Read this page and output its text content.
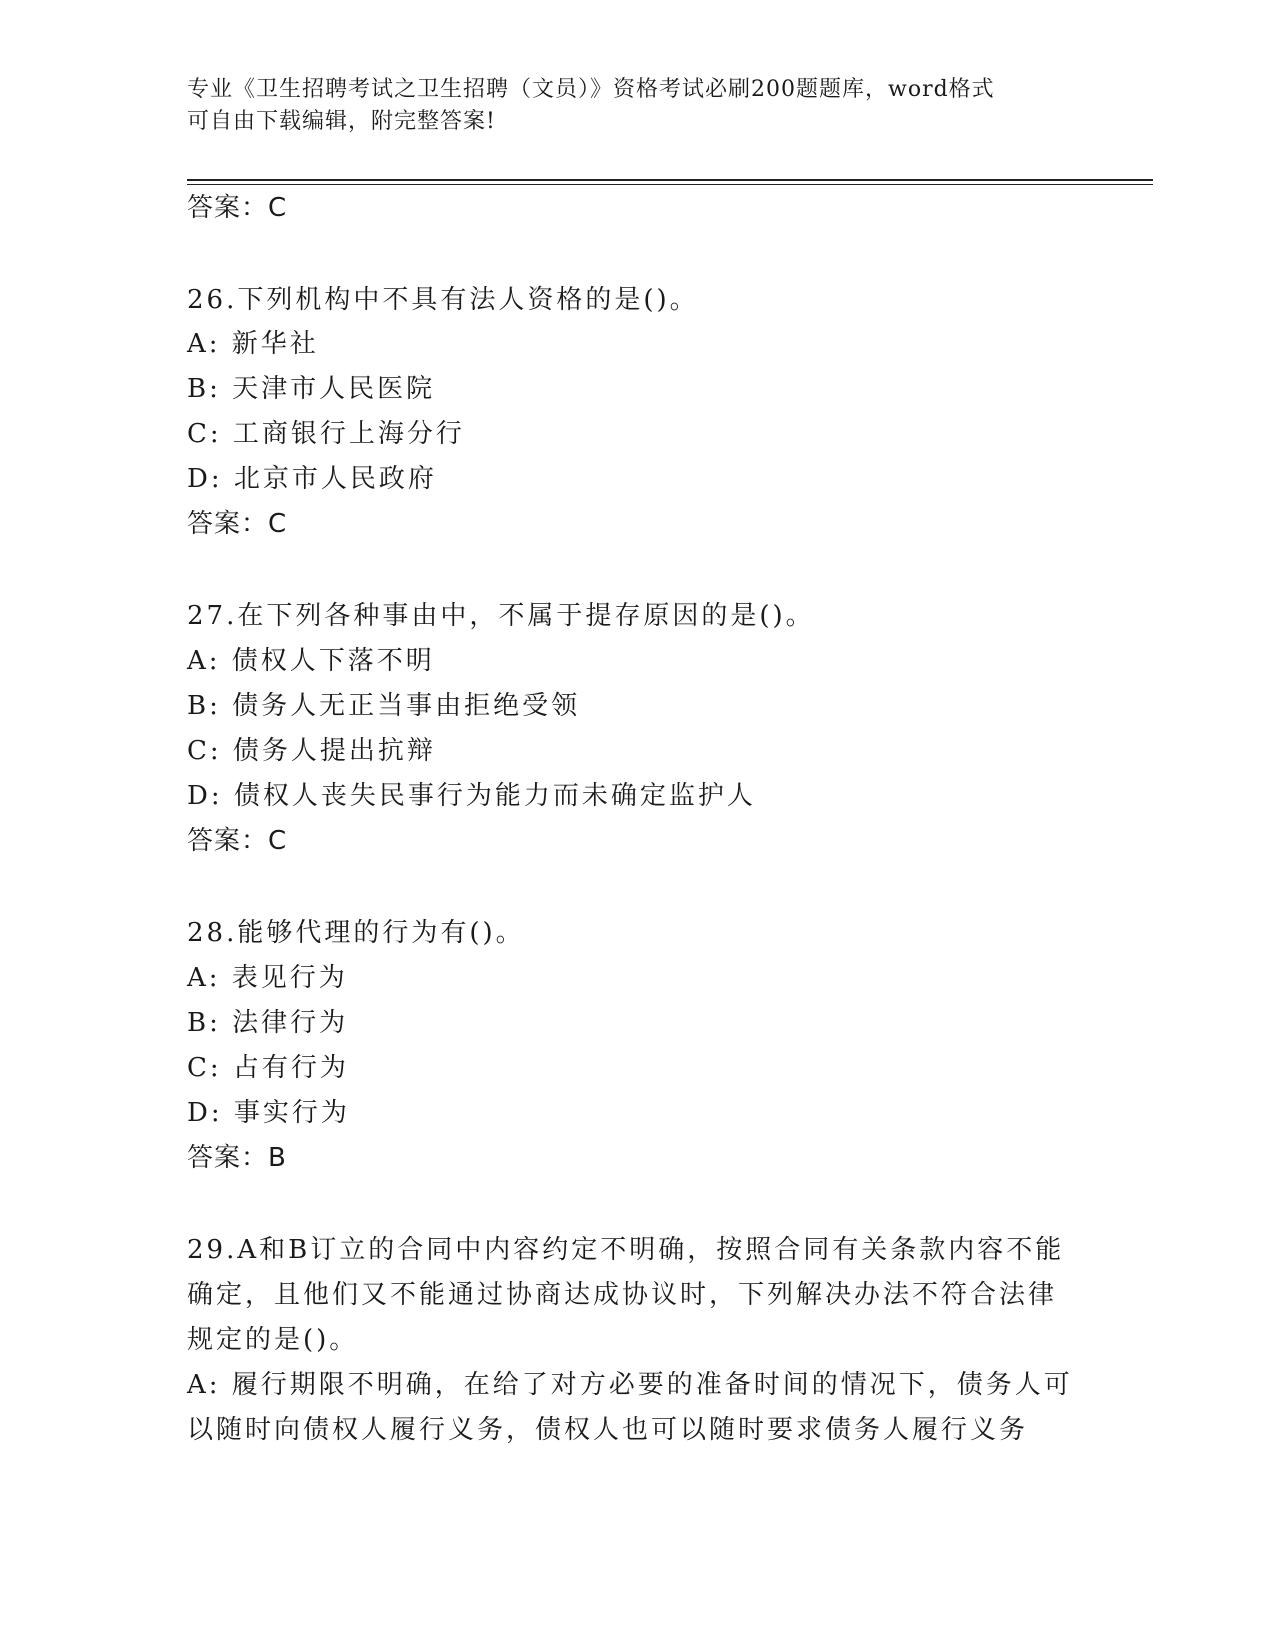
专业《卫生招聘考试之卫生招聘（文员）》资格考试必刷200题题库，word格式
可自由下载编辑，附完整答案!
答案：C
26.下列机构中不具有法人资格的是()。
A: 新华社
B: 天津市人民医院
C: 工商银行上海分行
D: 北京市人民政府
答案：C
27.在下列各种事由中，不属于提存原因的是()。
A: 债权人下落不明
B: 债务人无正当事由拒绝受领
C: 债务人提出抗辩
D: 债权人丧失民事行为能力而未确定监护人
答案：C
28.能够代理的行为有()。
A: 表见行为
B: 法律行为
C: 占有行为
D: 事实行为
答案：B
29.A和B订立的合同中内容约定不明确，按照合同有关条款内容不能
确定，且他们又不能通过协商达成协议时，下列解决办法不符合法律
规定的是()。
A: 履行期限不明确，在给了对方必要的准备时间的情况下，债务人可
以随时向债权人履行义务，债权人也可以随时要求债务人履行义务
